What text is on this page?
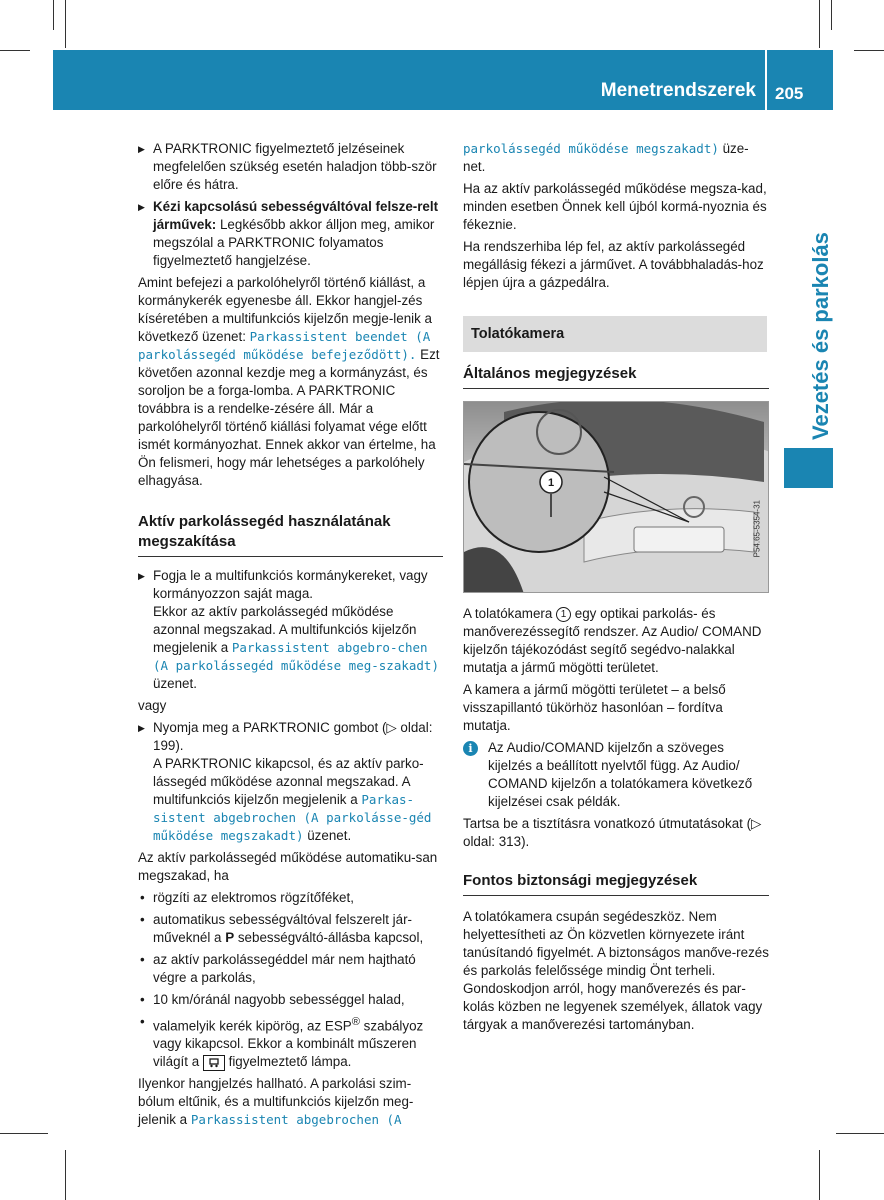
Menetrendszerek 205
Vezetés és parkolás
▶ A PARKTRONIC figyelmeztető jelzéseinek megfelelően szükség esetén haladjon több-ször előre és hátra.
▶ Kézi kapcsolású sebességváltóval felsze-relt járművek: Legkésőbb akkor álljon meg, amikor megszólal a PARKTRONIC folyamatos figyelmeztető hangjelzése.

Amint befejezi a parkolóhelyről történő kiállást, a kormánykerék egyenesbe áll. Ekkor hangjel-zés kíséretében a multifunkciós kijelzőn megje-lenik a következő üzenet: Parkassistent beendet (A parkolássegéd működése befejeződött). Ezt követően azonnal kezdje meg a kormányzást, és soroljon be a forga-lomba. A PARKTRONIC továbbra is a rendelke-zésére áll. Már a parkolóhelyről történő kiállási folyamat vége előtt ismét kormányozhat. Ennek akkor van értelme, ha Ön felismeri, hogy már lehetséges a parkolóhely elhagyása.

Aktív parkolássegéd használatának megszakítása
▶ Fogja le a multifunkciós kormánykereket, vagy kormányozzon saját maga.
Ekkor az aktív parkolássegéd működése azonnal megszakad. A multifunkciós kijelzőn megjelenik a Parkassistent abgebro-chen (A parkolássegéd működése meg-szakadt) üzenet.

vagy

▶ Nyomja meg a PARKTRONIC gombot (▷ oldal: 199).
A PARKTRONIC kikapcsol, és az aktív parko-lássegéd működése azonnal megszakad. A multifunkciós kijelzőn megjelenik a Parkas-sistent abgebrochen (A parkolásse-géd működése megszakadt) üzenet.

Az aktív parkolássegéd működése automatiku-san megszakad, ha

• rögzíti az elektromos rögzítőféket,
• automatikus sebességváltóval felszerelt jár-műveknél a P sebességváltó-állásba kapcsol,
• az aktív parkolássegéddel már nem hajtható végre a parkolás,
• 10 km/óránál nagyobb sebességgel halad,
• valamelyik kerék kipörög, az ESP® szabályoz vagy kikapcsol. Ekkor a kombinált műszeren világít a  figyelmeztető lámpa.

Ilyenkor hangjelzés hallható. A parkolási szim-bólum eltűnik, és a multifunkciós kijelzőn meg-jelenik a Parkassistent abgebrochen (A

parkolássegéd működése megszakadt) üze-net.

Ha az aktív parkolássegéd működése megsza-kad, minden esetben Önnek kell újból kormá-nyoznia és fékeznie.

Ha rendszerhiba lép fel, az aktív parkolássegéd megállásig fékezi a járművet. A továbbhaladás-hoz lépjen újra a gázpedálra.

Tolatókamera
Általános megjegyzések
1
P54.65-5354-31

A tolatókamera 1 egy optikai parkolás- és manőverezéssegítő rendszer. Az Audio/ COMAND kijelzőn tájékozódást segítő segédvo-nalakkal mutatja a jármű mögötti területet.

A kamera a jármű mögötti területet – a belső visszapillantó tükörhöz hasonlóan – fordítva mutatja.

i	Az Audio/COMAND kijelzőn a szöveges kijelzés a beállított nyelvtől függ. Az Audio/ COMAND kijelzőn a tolatókamera következő kijelzései csak példák.

Tartsa be a tisztításra vonatkozó útmutatásokat (▷ oldal: 313).

Fontos biztonsági megjegyzések

A tolatókamera csupán segédeszköz. Nem helyettesítheti az Ön közvetlen környezete iránt tanúsítandó figyelmét. A biztonságos manőve-rezés és parkolás felelőssége mindig Önt terheli. Gondoskodjon arról, hogy manőverezés és par-kolás közben ne legyenek személyek, állatok vagy tárgyak a manőverezési tartományban.
